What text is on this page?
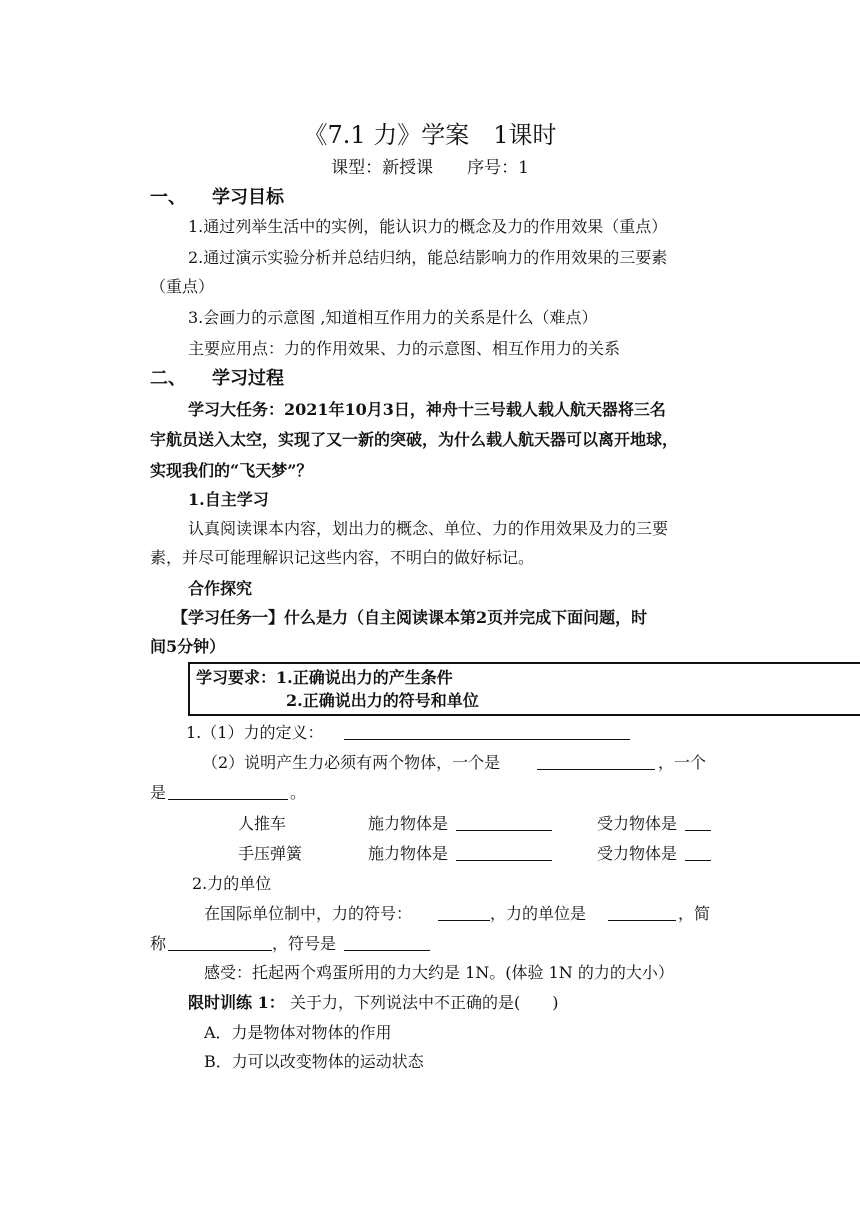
《7.1 力》学案　1课时
课型：新授课　　序号：1
一、 学习目标
1.通过列举生活中的实例，能认识力的概念及力的作用效果（重点）
2.通过演示实验分析并总结归纳，能总结影响力的作用效果的三要素
（重点）
3.会画力的示意图 ,知道相互作用力的关系是什么（难点）
主要应用点：力的作用效果、力的示意图、相互作用力的关系
二、 学习过程
学习大任务：2021年10月3日，神舟十三号载人载人航天器将三名
宇航员送入太空，实现了又一新的突破，为什么载人航天器可以离开地球，
实现我们的“飞天梦”？
1.自主学习
认真阅读课本内容，划出力的概念、单位、力的作用效果及力的三要
素，并尽可能理解识记这些内容，不明白的做好标记。
合作探究
【学习任务一】什么是力（自主阅读课本第2页并完成下面问题，时
间5分钟）
学习要求： 1.正确说出力的产生条件
2.正确说出力的符号和单位
1.（1）力的定义：
（2）说明产生力必须有两个物体，一个是	，一个
是	。
人推车	施力物体是	受力物体是
手压弹簧	施力物体是	受力物体是
2.力的单位
在国际单位制中，力的符号：	，力的单位是	，简
称	，符号是
感受：托起两个鸡蛋所用的力大约是 1N。(体验 1N 的力的大小）
限时训练 1： 关于力，下列说法中不正确的是(　　)
A．力是物体对物体的作用
B．力可以改变物体的运动状态
